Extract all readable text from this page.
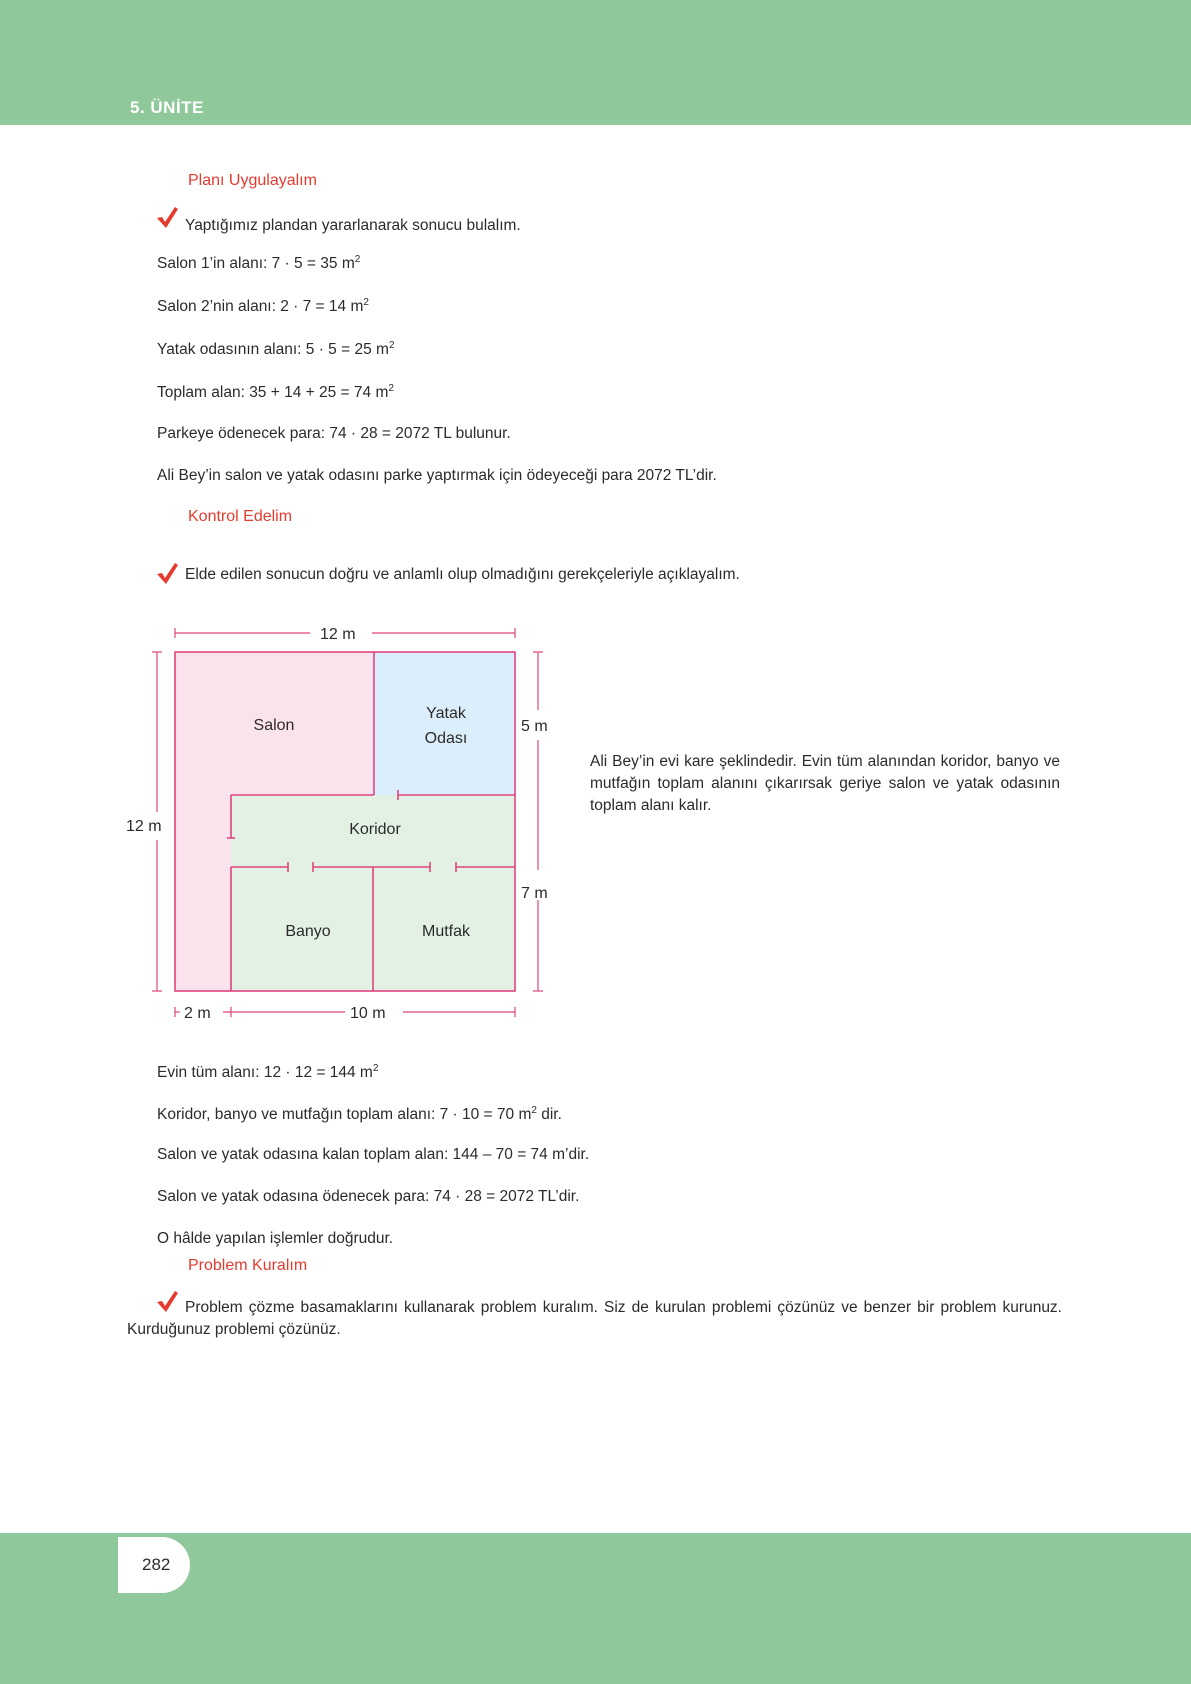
5. ÜNİTE
Planı Uygulayalım
Yaptığımız plandan yararlanarak sonucu bulalım.
Salon 1’in alanı: 7 · 5 = 35 $m^2$
Salon 2’nin alanı: 2 · 7 = 14 $m^2$
Yatak odasının alanı: 5 · 5 = 25 $m^2$
Toplam alan: 35 + 14 + 25 = 74 $m^2$
Parkeye ödenecek para: 74 · 28 = 2072 TL bulunur.
Ali Bey’in salon ve yatak odasını parke yaptırmak için ödeyeceği para 2072 TL’dir.
Kontrol Edelim
Elde edilen sonucun doğru ve anlamlı olup olmadığını gerekçeleriyle açıklayalım.
Salon
Yatak
Odası
Koridor
Banyo	Mutfak
12 m
12 m
5 m
7 m
2 m	10 m
Ali Bey’in evi kare şeklindedir. Evin tüm alanından koridor, banyo ve mutfağın toplam alanını çıkarırsak geriye salon ve yatak odasının toplam alanı kalır.
Evin tüm alanı: 12 · 12 = 144 $m^2$
Koridor, banyo ve mutfağın toplam alanı: 7 · 10 = 70 $m^2$ dir.
Salon ve yatak odasına kalan toplam alan: 144 – 70 = 74 m’dir.
Salon ve yatak odasına ödenecek para: 74 · 28 = 2072 TL’dir.
O hâlde yapılan işlemler doğrudur.
Problem Kuralım
Problem çözme basamaklarını kullanarak problem kuralım. Siz de kurulan problemi çözünüz ve benzer bir problem kurunuz. Kurduğunuz problemi çözünüz.
282
